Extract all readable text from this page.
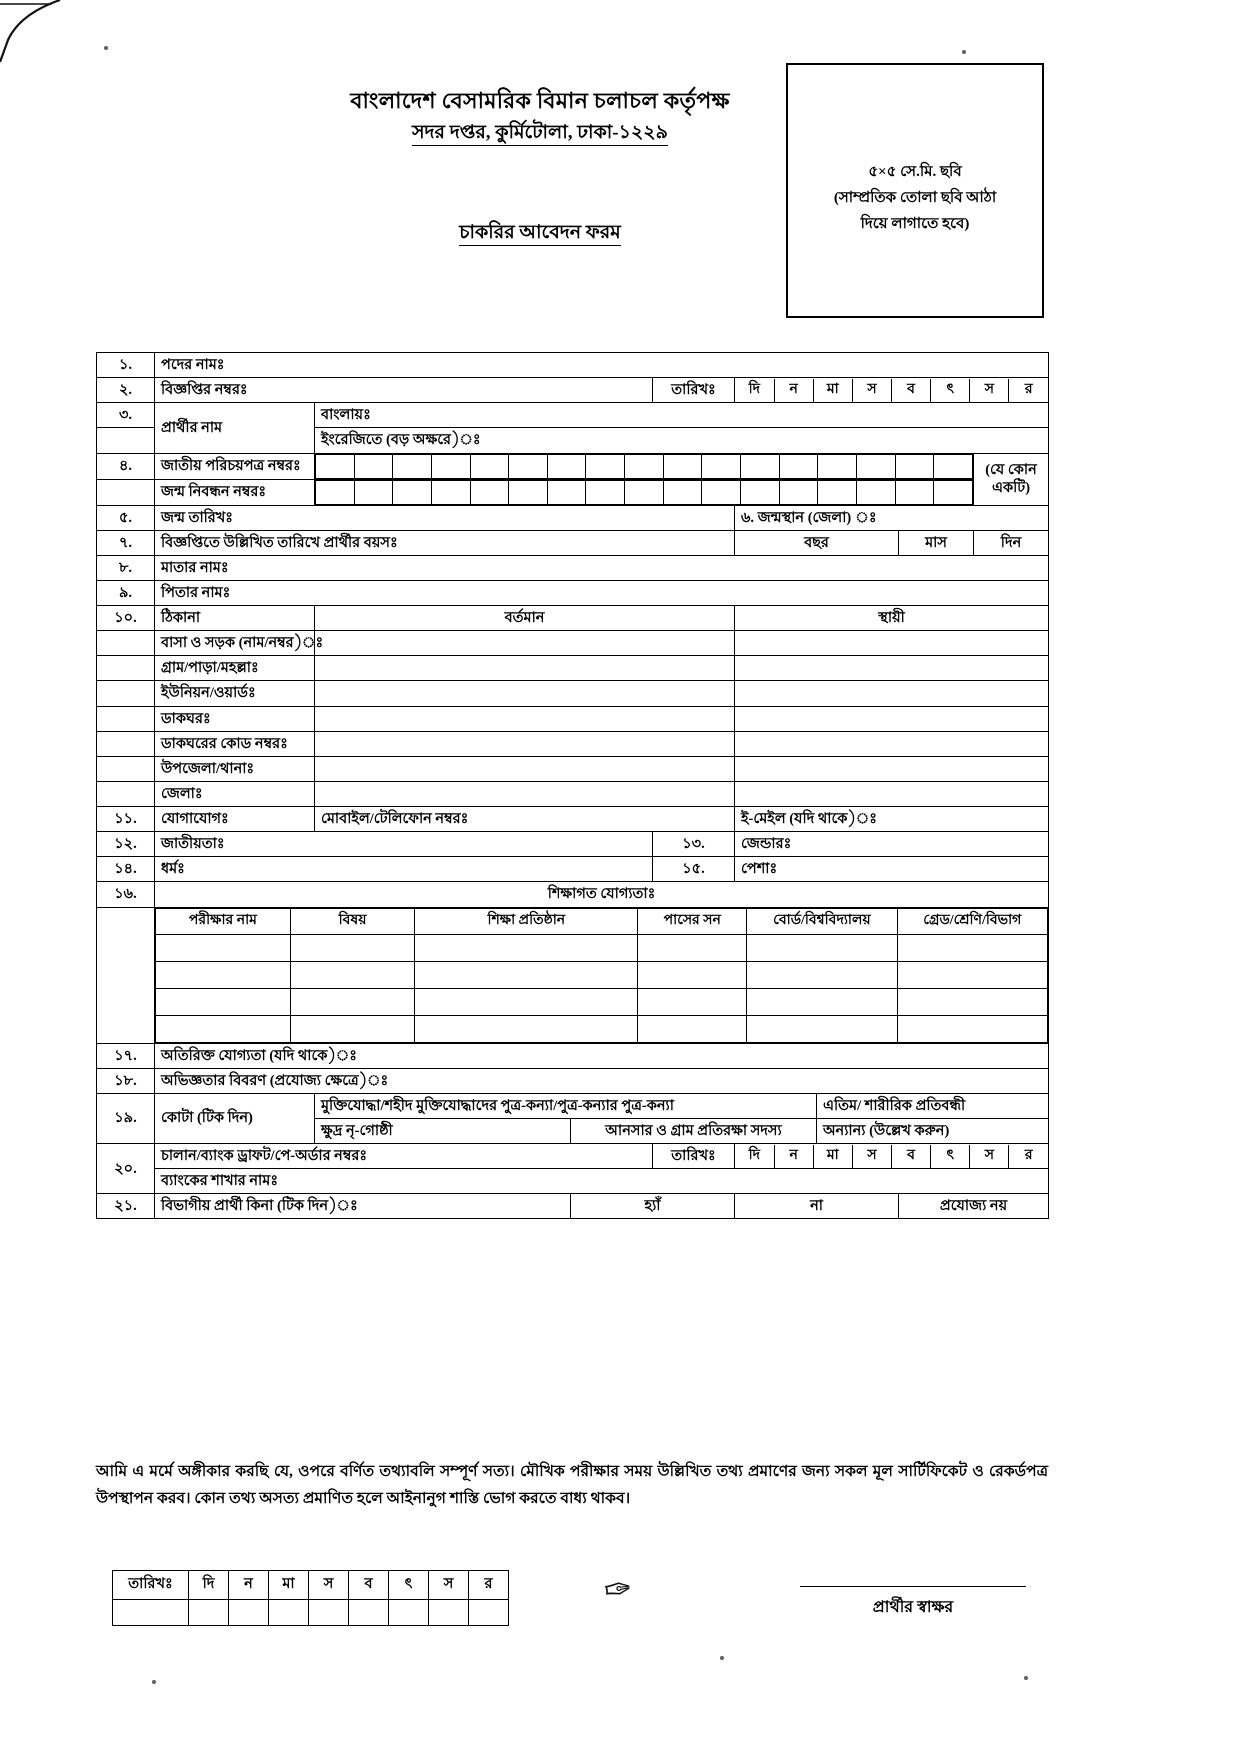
বাংলাদেশ বেসামরিক বিমান চলাচল কর্তৃপক্ষ
সদর দপ্তর, কুর্মিটোলা, ঢাকা-১২২৯
চাকরির আবেদন ফরম
৫×৫ সে.মি. ছবি
(সাম্প্রতিক তোলা ছবি আঠা
দিয়ে লাগাতে হবে)
১.	পদের নামঃ
২.	বিজ্ঞপ্তির নম্বরঃ	তারিখঃ	দি	ন	মা	স	ব	ৎ	স	র

৩.	প্রার্থীর নাম	বাংলায়ঃ
	ইংরেজিতে (বড় অক্ষরে)ঃ
৪.	জাতীয় পরিচয়পত্র নম্বরঃ																		(যে কোন
একটি)

	জন্ম নিবন্ধন নম্বরঃ	

৫.	জন্ম তারিখঃ	৬. জন্মস্থান (জেলা) ঃ
৭.	বিজ্ঞপ্তিতে উল্লিখিত তারিখে প্রার্থীর বয়সঃ	বছর	মাস	দিন
৮.	মাতার নামঃ
৯.	পিতার নামঃ
১০.	ঠিকানা	বর্তমান	স্থায়ী
	বাসা ও সড়ক (নাম/নম্বর)ঃ		
	গ্রাম/পাড়া/মহল্লাঃ		
	ইউনিয়ন/ওয়ার্ডঃ		
	ডাকঘরঃ		
	ডাকঘরের কোড নম্বরঃ		
	উপজেলা/থানাঃ		
	জেলাঃ		
১১.	যোগাযোগঃ	মোবাইল/টেলিফোন নম্বরঃ	ই-মেইল (যদি থাকে)ঃ
১২.	জাতীয়তাঃ	১৩.	জেন্ডারঃ
১৪.	ধর্মঃ	১৫.	পেশাঃ
১৬.	শিক্ষাগত যোগ্যতাঃ

পরীক্ষার নাম	বিষয়	শিক্ষা প্রতিষ্ঠান	পাসের সন	বোর্ড/বিশ্ববিদ্যালয়	গ্রেড/শ্রেণি/বিভাগ

১৭.	অতিরিক্ত যোগ্যতা (যদি থাকে)ঃ
১৮.	অভিজ্ঞতার বিবরণ (প্রযোজ্য ক্ষেত্রে)ঃ
১৯.	কোটা (টিক দিন)	মুক্তিযোদ্ধা/শহীদ মুক্তিযোদ্ধাদের পুত্র-কন্যা/পুত্র-কন্যার পুত্র-কন্যা	এতিম/ শারীরিক প্রতিবন্ধী
ক্ষুদ্র নৃ-গোষ্ঠী	আনসার ও গ্রাম প্রতিরক্ষা সদস্য	অন্যান্য (উল্লেখ করুন)
২০.	চালান/ব্যাংক ড্রাফট/পে-অর্ডার নম্বরঃ	তারিখঃ	দি	ন	মা	স	ব	ৎ	স	র

ব্যাংকের শাখার নামঃ
২১.	বিভাগীয় প্রার্থী কিনা (টিক দিন)ঃ	হ্যাঁ	না	প্রযোজ্য নয়
আমি এ মর্মে অঙ্গীকার করছি যে, ওপরে বর্ণিত তথ্যাবলি সম্পূর্ণ সত্য। মৌখিক পরীক্ষার সময় উল্লিখিত তথ্য প্রমাণের জন্য সকল মূল সার্টিফিকেট ও রেকর্ডপত্র উপস্থাপন করব। কোন তথ্য অসত্য প্রমাণিত হলে আইনানুগ শাস্তি ভোগ করতে বাধ্য থাকব।
তারিখঃ	দি	ন	মা	স	ব	ৎ	স	র
									✑	প্রার্থীর স্বাক্ষর
